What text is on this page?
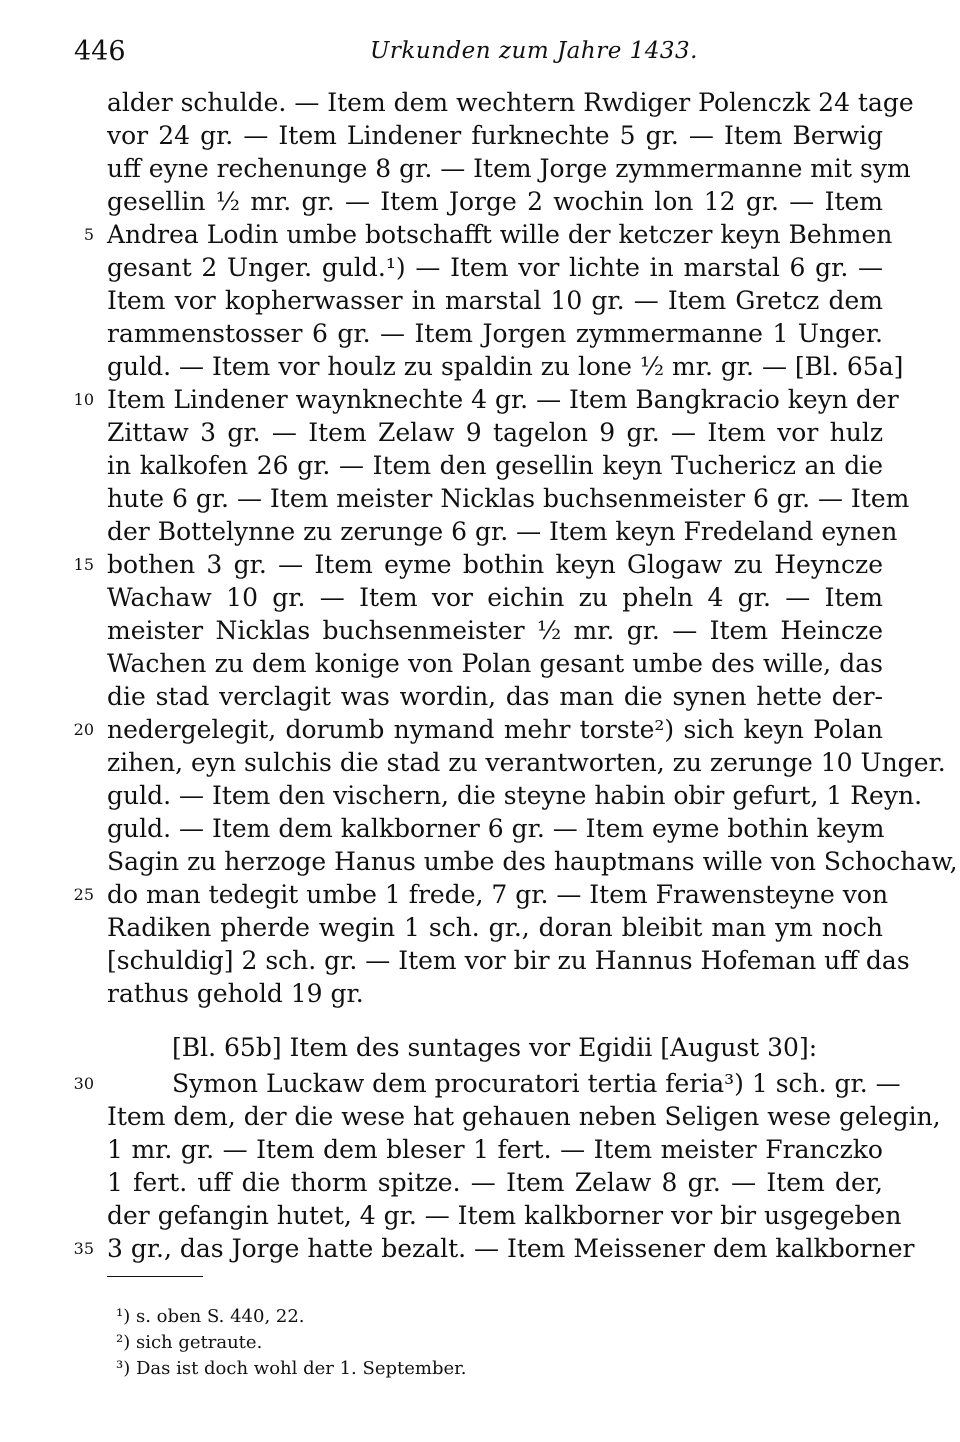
446	Urkunden zum Jahre 1433.
alder schulde. — Item dem wechtern Rwdiger Polenczk 24 tage
vor 24 gr. — Item Lindener furknechte 5 gr. — Item Berwig
uff eyne rechenunge 8 gr. — Item Jorge zymmermanne mit sym
gesellin ½ mr. gr. — Item Jorge 2 wochin lon 12 gr. — Item
Andrea Lodin umbe botschafft wille der ketczer keyn Behmen
gesant 2 Unger. guld.¹) — Item vor lichte in marstal 6 gr. —
Item vor kopherwasser in marstal 10 gr. — Item Gretcz dem
rammenstosser 6 gr. — Item Jorgen zymmermanne 1 Unger.
guld. — Item vor houlz zu spaldin zu lone ½ mr. gr. — [Bl. 65a]
Item Lindener waynknechte 4 gr. — Item Bangkracio keyn der
Zittaw 3 gr. — Item Zelaw 9 tagelon 9 gr. — Item vor hulz
in kalkofen 26 gr. — Item den gesellin keyn Tuchericz an die
hute 6 gr. — Item meister Nicklas buchsenmeister 6 gr. — Item
der Bottelynne zu zerunge 6 gr. — Item keyn Fredeland eynen
bothen 3 gr. — Item eyme bothin keyn Glogaw zu Heyncze
Wachaw 10 gr. — Item vor eichin zu pheln 4 gr. — Item
meister Nicklas buchsenmeister ½ mr. gr. — Item Heincze
Wachen zu dem konige von Polan gesant umbe des wille, das
die stad verclagit was wordin, das man die synen hette der-
nedergelegit, dorumb nymand mehr torste²) sich keyn Polan
zihen, eyn sulchis die stad zu verantworten, zu zerunge 10 Unger.
guld. — Item den vischern, die steyne habin obir gefurt, 1 Reyn.
guld. — Item dem kalkborner 6 gr. — Item eyme bothin keym
Sagin zu herzoge Hanus umbe des hauptmans wille von Schochaw,
do man tedegit umbe 1 frede, 7 gr. — Item Frawensteyne von
Radiken pherde wegin 1 sch. gr., doran bleibit man ym noch
[schuldig] 2 sch. gr. — Item vor bir zu Hannus Hofeman uff das
rathus gehold 19 gr.
[Bl. 65b] Item des suntages vor Egidii [August 30]:
Symon Luckaw dem procuratori tertia feria³) 1 sch. gr. —
Item dem, der die wese hat gehauen neben Seligen wese gelegin,
1 mr. gr. — Item dem bleser 1 fert. — Item meister Franczko
1 fert. uff die thorm spitze. — Item Zelaw 8 gr. — Item der,
der gefangin hutet, 4 gr. — Item kalkborner vor bir usgegeben
3 gr., das Jorge hatte bezalt. — Item Meissener dem kalkborner
5
10
15
20
25
30
35
¹) s. oben S. 440, 22.
²) sich getraute.
³) Das ist doch wohl der 1. September.
